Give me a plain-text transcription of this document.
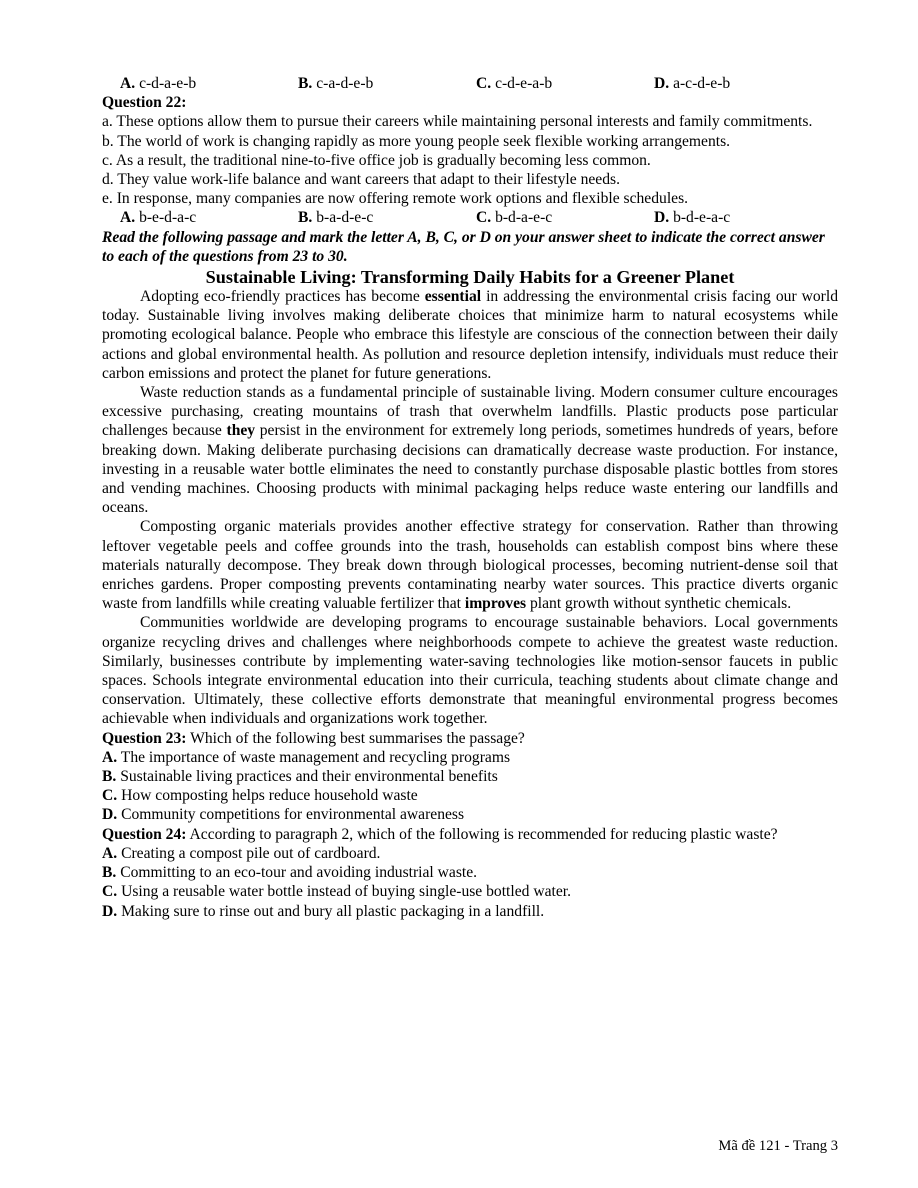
A. c-d-a-e-b	B. c-a-d-e-b	C. c-d-e-a-b	D. a-c-d-e-b
Question 22:
a. These options allow them to pursue their careers while maintaining personal interests and family commitments.
b. The world of work is changing rapidly as more young people seek flexible working arrangements.
c. As a result, the traditional nine-to-five office job is gradually becoming less common.
d. They value work-life balance and want careers that adapt to their lifestyle needs.
e. In response, many companies are now offering remote work options and flexible schedules.
A. b-e-d-a-c	B. b-a-d-e-c	C. b-d-a-e-c	D. b-d-e-a-c
Read the following passage and mark the letter A, B, C, or D on your answer sheet to indicate the correct answer to each of the questions from 23 to 30.
Sustainable Living: Transforming Daily Habits for a Greener Planet

Adopting eco-friendly practices has become essential in addressing the environmental crisis facing our world today. Sustainable living involves making deliberate choices that minimize harm to natural ecosystems while promoting ecological balance. People who embrace this lifestyle are conscious of the connection between their daily actions and global environmental health. As pollution and resource depletion intensify, individuals must reduce their carbon emissions and protect the planet for future generations.

Waste reduction stands as a fundamental principle of sustainable living. Modern consumer culture encourages excessive purchasing, creating mountains of trash that overwhelm landfills. Plastic products pose particular challenges because they persist in the environment for extremely long periods, sometimes hundreds of years, before breaking down. Making deliberate purchasing decisions can dramatically decrease waste production. For instance, investing in a reusable water bottle eliminates the need to constantly purchase disposable plastic bottles from stores and vending machines. Choosing products with minimal packaging helps reduce waste entering our landfills and oceans.

Composting organic materials provides another effective strategy for conservation. Rather than throwing leftover vegetable peels and coffee grounds into the trash, households can establish compost bins where these materials naturally decompose. They break down through biological processes, becoming nutrient-dense soil that enriches gardens. Proper composting prevents contaminating nearby water sources. This practice diverts organic waste from landfills while creating valuable fertilizer that improves plant growth without synthetic chemicals.

Communities worldwide are developing programs to encourage sustainable behaviors. Local governments organize recycling drives and challenges where neighborhoods compete to achieve the greatest waste reduction. Similarly, businesses contribute by implementing water-saving technologies like motion-sensor faucets in public spaces. Schools integrate environmental education into their curricula, teaching students about climate change and conservation. Ultimately, these collective efforts demonstrate that meaningful environmental progress becomes achievable when individuals and organizations work together.

Question 23: Which of the following best summarises the passage?
A. The importance of waste management and recycling programs
B. Sustainable living practices and their environmental benefits
C. How composting helps reduce household waste
D. Community competitions for environmental awareness
Question 24: According to paragraph 2, which of the following is recommended for reducing plastic waste?
A. Creating a compost pile out of cardboard.
B. Committing to an eco-tour and avoiding industrial waste.
C. Using a reusable water bottle instead of buying single-use bottled water.
D. Making sure to rinse out and bury all plastic packaging in a landfill.
Mã đề 121 - Trang 3
